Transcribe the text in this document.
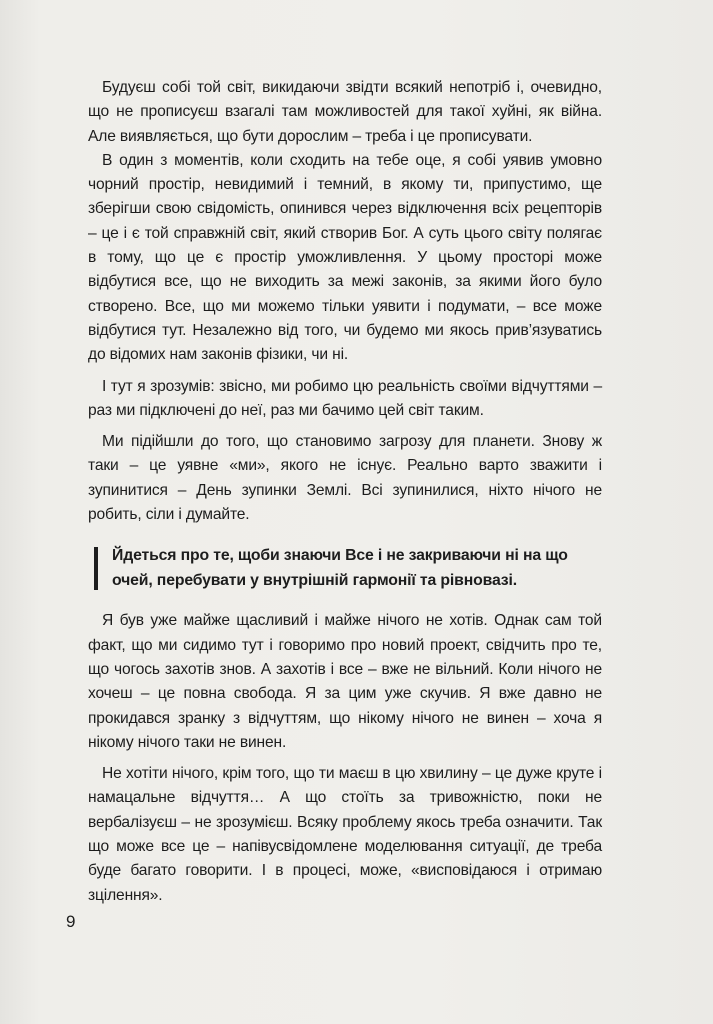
Будуєш собі той світ, викидаючи звідти всякий непотріб і, очевидно, що не прописуєш взагалі там можливостей для такої хуйні, як війна. Але виявляється, що бути дорослим – треба і це прописувати.

В один з моментів, коли сходить на тебе оце, я собі уявив умовно чорний простір, невидимий і темний, в якому ти, припустимо, ще зберігши свою свідомість, опинився через відключення всіх рецепторів – це і є той справжній світ, який створив Бог. А суть цього світу полягає в тому, що це є простір уможливлення. У цьому просторі може відбутися все, що не виходить за межі законів, за якими його було створено. Все, що ми можемо тільки уявити і подумати, – все може відбутися тут. Незалежно від того, чи будемо ми якось прив’язуватись до відомих нам законів фізики, чи ні.

І тут я зрозумів: звісно, ми робимо цю реальність своїми відчуттями – раз ми підключені до неї, раз ми бачимо цей світ таким.

Ми підійшли до того, що становимо загрозу для планети. Знову ж таки – це уявне «ми», якого не існує. Реально варто зважити і зупинитися – День зупинки Землі. Всі зупинилися, ніхто нічого не робить, сіли і думайте.

Йдеться про те, щоби знаючи Все і не закриваючи ні на що очей, перебувати у внутрішній гармонії та рівновазі.

Я був уже майже щасливий і майже нічого не хотів. Однак сам той факт, що ми сидимо тут і говоримо про новий проект, свідчить про те, що чогось захотів знов. А захотів і все – вже не вільний. Коли нічого не хочеш – це повна свобода. Я за цим уже скучив. Я вже давно не прокидався зранку з відчуттям, що нікому нічого не винен – хоча я нікому нічого таки не винен.

Не хотіти нічого, крім того, що ти маєш в цю хвилину – це дуже круте і намацальне відчуття… А що стоїть за тривожністю, поки не вербалізуєш – не зрозумієш. Всяку проблему якось треба означити. Так що може все це – напівусвідомлене моделювання ситуації, де треба буде багато говорити. І в процесі, може, «висповідаюся і отримаю зцілення».

9
